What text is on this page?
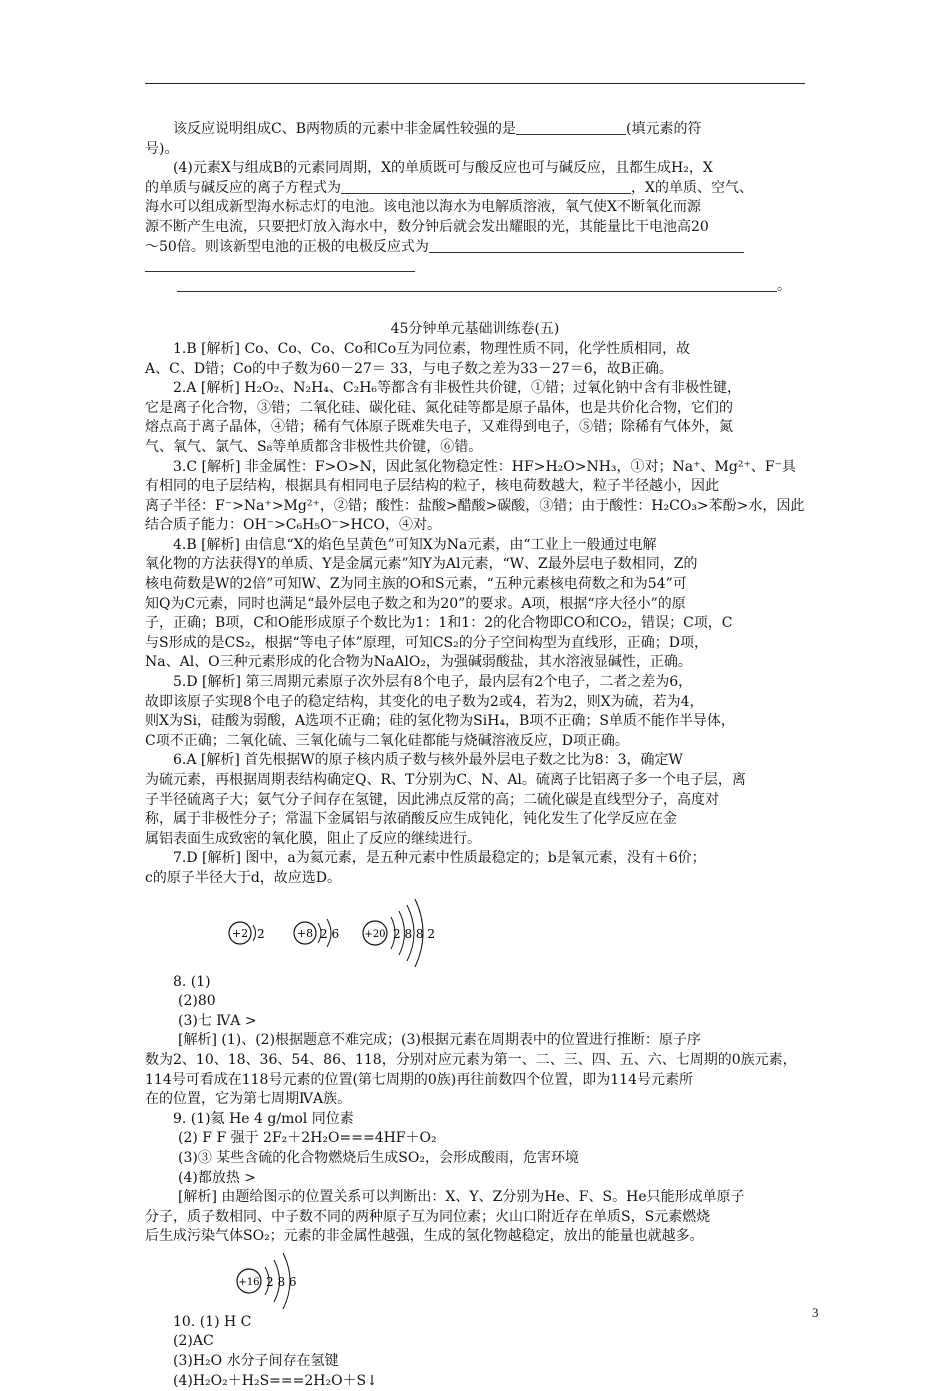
该反应说明组成C、B两物质的元素中非金属性较强的是	(填元素的符
号)。
(4)元素X与组成B的元素同周期，X的单质既可与酸反应也可与碱反应，且都生成H₂，X
的单质与碱反应的离子方程式为	，X的单质、空气、
海水可以组成新型海水标志灯的电池。该电池以海水为电解质溶液，氧气使X不断氧化而源
源不断产生电流，只要把灯放入海水中，数分钟后就会发出耀眼的光，其能量比干电池高20
～50倍。则该新型电池的正极的电极反应式为
。
45分钟单元基础训练卷(五)
1.B [解析] Co、Co、Co、Co和Co互为同位素，物理性质不同，化学性质相同，故
A、C、D错；Co的中子数为60－27＝ 33，与电子数之差为33－27＝6，故B正确。
2.A [解析] H₂O₂、N₂H₄、C₂H₆等都含有非极性共价键，①错；过氧化钠中含有非极性键，
它是离子化合物，③错；二氧化硅、碳化硅、氮化硅等都是原子晶体，也是共价化合物，它们的
熔点高于离子晶体，④错；稀有气体原子既难失电子，又难得到电子，⑤错；除稀有气体外，氮
气、氧气、氯气、S₈等单质都含非极性共价键，⑥错。
3.C [解析] 非金属性：F>O>N，因此氢化物稳定性：HF>H₂O>NH₃，①对；Na⁺、Mg²⁺、F⁻具
有相同的电子层结构，根据具有相同电子层结构的粒子，核电荷数越大，粒子半径越小，因此
离子半径：F⁻>Na⁺>Mg²⁺，②错；酸性：盐酸>醋酸>碳酸，③错；由于酸性：H₂CO₃>苯酚>水，因此
结合质子能力：OH⁻>C₆H₅O⁻>HCO，④对。
4.B [解析] 由信息“X的焰色呈黄色”可知X为Na元素，由“工业上一般通过电解
氧化物的方法获得Y的单质、Y是金属元素”知Y为Al元素，“W、Z最外层电子数相同，Z的
核电荷数是W的2倍”可知W、Z为同主族的O和S元素，“五种元素核电荷数之和为54”可
知Q为C元素，同时也满足“最外层电子数之和为20”的要求。A项，根据“序大径小”的原
子，正确；B项，C和O能形成原子个数比为1：1和1：2的化合物即CO和CO₂，错误；C项，C
与S形成的是CS₂，根据“等电子体”原理，可知CS₂的分子空间构型为直线形，正确；D项，
Na、Al、O三种元素形成的化合物为NaAlO₂，为强碱弱酸盐，其水溶液显碱性，正确。
5.D [解析] 第三周期元素原子次外层有8个电子，最内层有2个电子，二者之差为6，
故即该原子实现8个电子的稳定结构，其变化的电子数为2或4，若为2，则X为硫，若为4，
则X为Si，硅酸为弱酸，A选项不正确；硅的氢化物为SiH₄，B项不正确；S单质不能作半导体，
C项不正确；二氧化硫、三氧化硫与二氧化硅都能与烧碱溶液反应，D项正确。
6.A [解析] 首先根据W的原子核内质子数与核外最外层电子数之比为8：3，确定W
为硫元素，再根据周期表结构确定Q、R、T分别为C、N、Al。硫离子比铝离子多一个电子层，离
子半径硫离子大；氨气分子间存在氢键，因此沸点反常的高；二硫化碳是直线型分子，高度对
称，属于非极性分子；常温下金属铝与浓硝酸反应生成钝化，钝化发生了化学反应在金
属铝表面生成致密的氧化膜，阻止了反应的继续进行。
7.D [解析] 图中，a为氦元素，是五种元素中性质最稳定的；b是氧元素，没有＋6价；
c的原子半径大于d，故应选D。
+2 2	+8 2 6	+20 2 8 8 2
8. (1)
(2)80
(3)七 ⅣA >
[解析] (1)、(2)根据题意不难完成；(3)根据元素在周期表中的位置进行推断：原子序
数为2、10、18、36、54、86、118，分别对应元素为第一、二、三、四、五、六、七周期的0族元素，
114号可看成在118号元素的位置(第七周期的0族)再往前数四个位置，即为114号元素所
在的位置，它为第七周期ⅣA族。
9. (1)氦 He 4 g/mol 同位素
(2) F F 强于 2F₂＋2H₂O===4HF＋O₂
(3)③ 某些含硫的化合物燃烧后生成SO₂，会形成酸雨，危害环境
(4)都放热 >
[解析] 由题给图示的位置关系可以判断出：X、Y、Z分别为He、F、S。He只能形成单原子
分子，质子数相同、中子数不同的两种原子互为同位素；火山口附近存在单质S，S元素燃烧
后生成污染气体SO₂；元素的非金属性越强，生成的氢化物越稳定，放出的能量也就越多。
+16 2 8 6
10. (1) H C
(2)AC
(3)H₂O 水分子间存在氢键
(4)H₂O₂＋H₂S===2H₂O＋S↓
3
